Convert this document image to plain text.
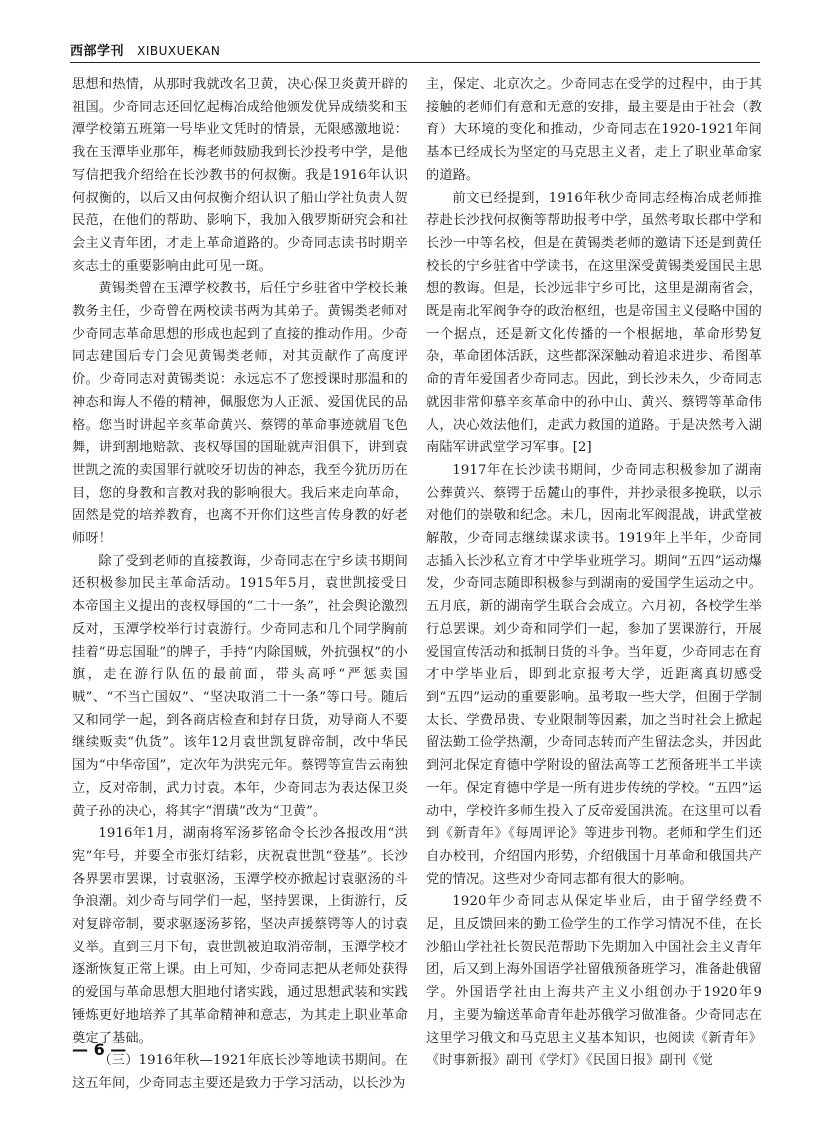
西部学刊 XIBUXUEKAN

思想和热情，从那时我就改名卫黄，决心保卫炎黄开辟的祖国。少奇同志还回忆起梅冶成给他颁发优异成绩奖和玉潭学校第五班第一号毕业文凭时的情景，无限感激地说：我在玉潭毕业那年，梅老师鼓励我到长沙投考中学，是他写信把我介绍给在长沙教书的何叔衡。我是1916年认识何叔衡的，以后又由何叔衡介绍认识了船山学社负责人贺民范，在他们的帮助、影响下，我加入俄罗斯研究会和社会主义青年团，才走上革命道路的。少奇同志读书时期辛亥志士的重要影响由此可见一斑。

黄锡类曾在玉潭学校教书，后任宁乡驻省中学校长兼教务主任，少奇曾在两校读书两为其弟子。黄锡类老师对少奇同志革命思想的形成也起到了直接的推动作用。少奇同志建国后专门会见黄锡类老师，对其贡献作了高度评价。少奇同志对黄锡类说：永远忘不了您授课时那温和的神态和诲人不倦的精神，佩服您为人正派、爱国优民的品格。您当时讲起辛亥革命黄兴、蔡锷的革命事迹就眉飞色舞，讲到割地赔款、丧权辱国的国耻就声泪俱下，讲到袁世凯之流的卖国罪行就咬牙切齿的神态，我至今犹历历在目，您的身教和言教对我的影响很大。我后来走向革命，固然是党的培养教育，也离不开你们这些言传身教的好老师呀！

除了受到老师的直接教诲，少奇同志在宁乡读书期间还积极参加民主革命活动。1915年5月，袁世凯接受日本帝国主义提出的丧权辱国的“二十一条”，社会舆论激烈反对，玉潭学校举行讨袁游行。少奇同志和几个同学胸前挂着“毋忘国耻”的牌子，手持“内除国贼，外抗强权”的小旗，走在游行队伍的最前面，带头高呼“严惩卖国贼”、“不当亡国奴”、“坚决取消二十一条”等口号。随后又和同学一起，到各商店检查和封存日货，劝导商人不要继续贩卖“仇货”。该年12月袁世凯复辟帝制，改中华民国为“中华帝国”，定次年为洪宪元年。蔡锷等宣告云南独立，反对帝制，武力讨袁。本年，少奇同志为表达保卫炎黄子孙的决心，将其字“渭璜”改为“卫黄”。

1916年1月，湖南将军汤芗铭命令长沙各报改用“洪宪”年号，并要全市张灯结彩，庆祝袁世凯“登基”。长沙各界罢市罢课，讨袁驱汤，玉潭学校亦掀起讨袁驱汤的斗争浪潮。刘少奇与同学们一起，坚持罢课，上街游行，反对复辟帝制，要求驱逐汤芗铭，坚决声援蔡锷等人的讨袁义举。直到三月下旬，袁世凯被迫取消帝制，玉潭学校才逐渐恢复正常上课。由上可知，少奇同志把从老师处获得的爱国与革命思想大胆地付诸实践，通过思想武装和实践锤炼更好地培养了其革命精神和意志，为其走上职业革命奠定了基础。

（三）1916年秋—1921年底长沙等地读书期间。在这五年间，少奇同志主要还是致力于学习活动，以长沙为

主，保定、北京次之。少奇同志在受学的过程中，由于其接触的老师们有意和无意的安排，最主要是由于社会（教育）大环境的变化和推动，少奇同志在1920-1921年间基本已经成长为坚定的马克思主义者，走上了职业革命家的道路。

前文已经提到，1916年秋少奇同志经梅冶成老师推荐赴长沙找何叔衡等帮助报考中学，虽然考取长郡中学和长沙一中等名校，但是在黄锡类老师的邀请下还是到黄任校长的宁乡驻省中学读书，在这里深受黄锡类爱国民主思想的教诲。但是，长沙远非宁乡可比，这里是湖南省会，既是南北军阀争夺的政治枢纽，也是帝国主义侵略中国的一个据点，还是新文化传播的一个根据地，革命形势复杂，革命团体活跃，这些都深深触动着追求进步、希图革命的青年爱国者少奇同志。因此，到长沙未久，少奇同志就因非常仰慕辛亥革命中的孙中山、黄兴、蔡锷等革命伟人，决心效法他们，走武力救国的道路。于是决然考入湖南陆军讲武堂学习军事。[2]

1917年在长沙读书期间，少奇同志积极参加了湖南公葬黄兴、蔡锷于岳麓山的事件，并抄录很多挽联，以示对他们的崇敬和纪念。未几，因南北军阀混战，讲武堂被解散，少奇同志继续谋求读书。1919年上半年，少奇同志插入长沙私立育才中学毕业班学习。期间“五四”运动爆发，少奇同志随即积极参与到湖南的爱国学生运动之中。五月底，新的湖南学生联合会成立。六月初，各校学生举行总罢课。刘少奇和同学们一起，参加了罢课游行，开展爱国宣传活动和抵制日货的斗争。当年夏，少奇同志在育才中学毕业后，即到北京报考大学，近距离真切感受到“五四”运动的重要影响。虽考取一些大学，但囿于学制太长、学费昂贵、专业限制等因素，加之当时社会上掀起留法勤工俭学热潮，少奇同志转而产生留法念头，并因此到河北保定育德中学附设的留法高等工艺预备班半工半读一年。保定育德中学是一所有进步传统的学校。“五四”运动中，学校许多师生投入了反帝爱国洪流。在这里可以看到《新青年》《每周评论》等进步刊物。老师和学生们还自办校刊，介绍国内形势，介绍俄国十月革命和俄国共产党的情况。这些对少奇同志都有很大的影响。

1920年少奇同志从保定毕业后，由于留学经费不足，且反馈回来的勤工俭学生的工作学习情况不佳，在长沙船山学社社长贺民范帮助下先期加入中国社会主义青年团，后又到上海外国语学社留俄预备班学习，准备赴俄留学。外国语学社由上海共产主义小组创办于1920年9月，主要为输送革命青年赴苏俄学习做准备。少奇同志在这里学习俄文和马克思主义基本知识，也阅读《新青年》《时事新报》副刊《学灯》《民国日报》副刊《觉

— 6 —
